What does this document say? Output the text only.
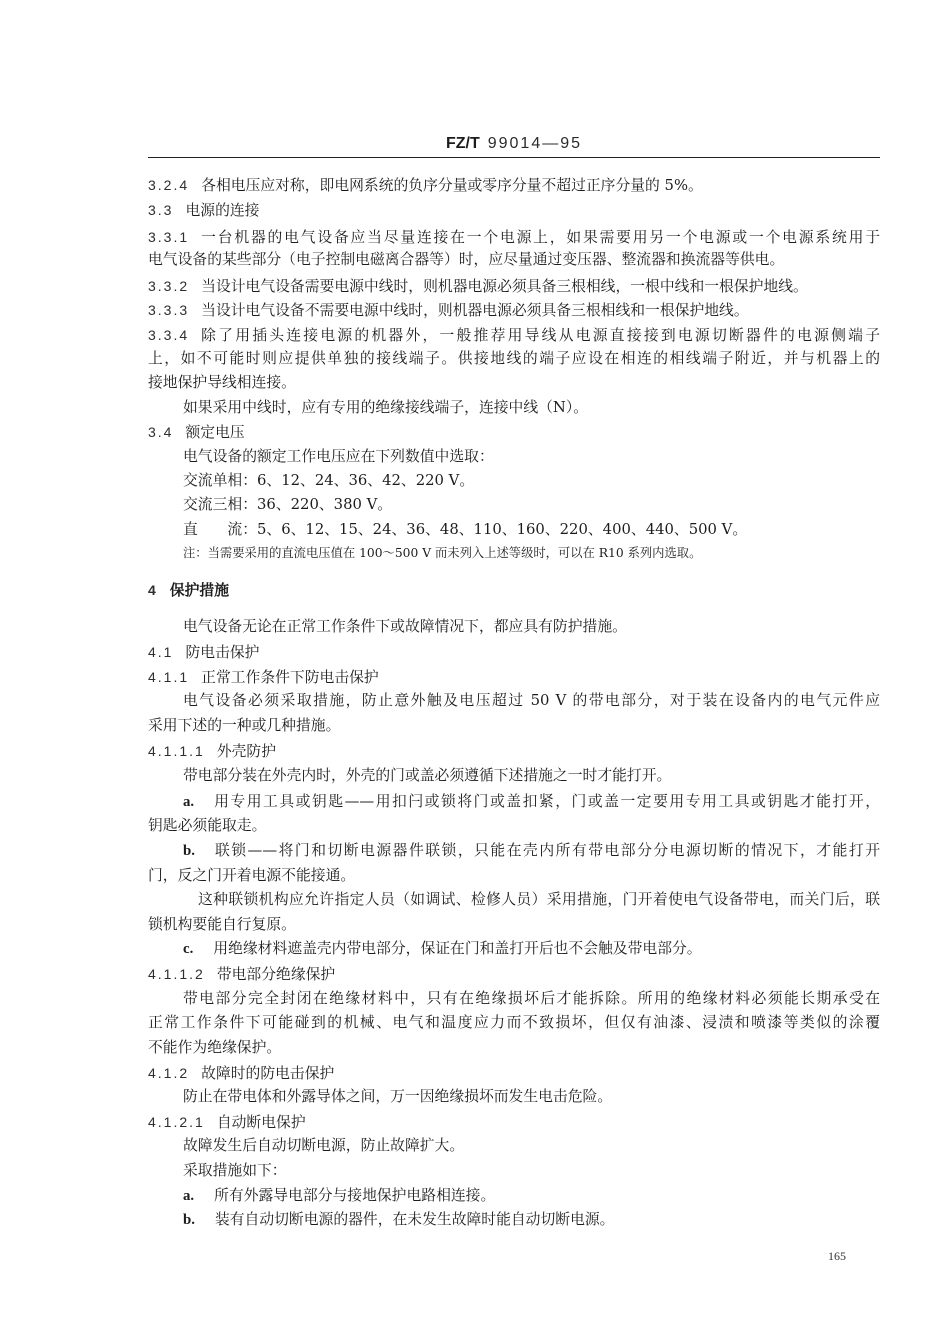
FZ/T 99014—95
3.2.4 各相电压应对称，即电网系统的负序分量或零序分量不超过正序分量的 5%。
3.3 电源的连接
3.3.1 一台机器的电气设备应当尽量连接在一个电源上，如果需要用另一个电源或一个电源系统用于
电气设备的某些部分（电子控制电磁离合器等）时，应尽量通过变压器、整流器和换流器等供电。
3.3.2 当设计电气设备需要电源中线时，则机器电源必须具备三根相线，一根中线和一根保护地线。
3.3.3 当设计电气设备不需要电源中线时，则机器电源必须具备三根相线和一根保护地线。
3.3.4 除了用插头连接电源的机器外，一般推荐用导线从电源直接接到电源切断器件的电源侧端子
上，如不可能时则应提供单独的接线端子。供接地线的端子应设在相连的相线端子附近，并与机器上的
接地保护导线相连接。
如果采用中线时，应有专用的绝缘接线端子，连接中线（N）。
3.4 额定电压
电气设备的额定工作电压应在下列数值中选取：
交流单相：6、12、24、36、42、220 V。
交流三相：36、220、380 V。
直　　流：5、6、12、15、24、36、48、110、160、220、400、440、500 V。
注：当需要采用的直流电压值在 100～500 V 而未列入上述等级时，可以在 R10 系列内选取。
4 保护措施
电气设备无论在正常工作条件下或故障情况下，都应具有防护措施。
4.1 防电击保护
4.1.1 正常工作条件下防电击保护
电气设备必须采取措施，防止意外触及电压超过 50 V 的带电部分，对于装在设备内的电气元件应
采用下述的一种或几种措施。
4.1.1.1 外壳防护
带电部分装在外壳内时，外壳的门或盖必须遵循下述措施之一时才能打开。
a. 用专用工具或钥匙——用扣闩或锁将门或盖扣紧，门或盖一定要用专用工具或钥匙才能打开，
钥匙必须能取走。
b. 联锁——将门和切断电源器件联锁，只能在壳内所有带电部分分电源切断的情况下，才能打开
门，反之门开着电源不能接通。
这种联锁机构应允许指定人员（如调试、检修人员）采用措施，门开着使电气设备带电，而关门后，联
锁机构要能自行复原。
c. 用绝缘材料遮盖壳内带电部分，保证在门和盖打开后也不会触及带电部分。
4.1.1.2 带电部分绝缘保护
带电部分完全封闭在绝缘材料中，只有在绝缘损坏后才能拆除。所用的绝缘材料必须能长期承受在
正常工作条件下可能碰到的机械、电气和温度应力而不致损坏，但仅有油漆、浸渍和喷漆等类似的涂覆
不能作为绝缘保护。
4.1.2 故障时的防电击保护
防止在带电体和外露导体之间，万一因绝缘损坏而发生电击危险。
4.1.2.1 自动断电保护
故障发生后自动切断电源，防止故障扩大。
采取措施如下：
a. 所有外露导电部分与接地保护电路相连接。
b. 装有自动切断电源的器件，在未发生故障时能自动切断电源。
165
